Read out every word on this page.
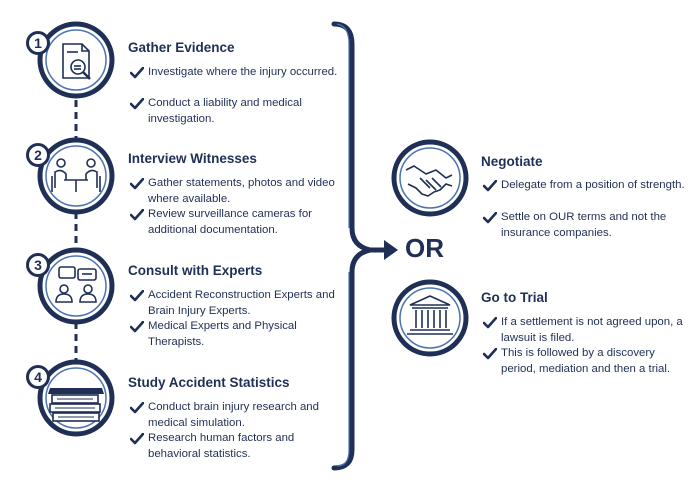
1
2
3
4
Gather Evidence
Investigate where the injury occurred.
Conduct a liability and medical investigation.
Interview Witnesses
Gather statements, photos and video where available.
Review surveillance cameras for additional documentation.
Consult with Experts
Accident Reconstruction Experts and Brain Injury Experts.
Medical Experts and Physical Therapists.
Study Accident Statistics
Conduct brain injury research and medical simulation.
Research human factors and behavioral statistics.
OR
Negotiate
Delegate from a position of strength.
Settle on OUR terms and not the insurance companies.
Go to Trial
If a settlement is not agreed upon, a lawsuit is filed.
This is followed by a discovery period, mediation and then a trial.
